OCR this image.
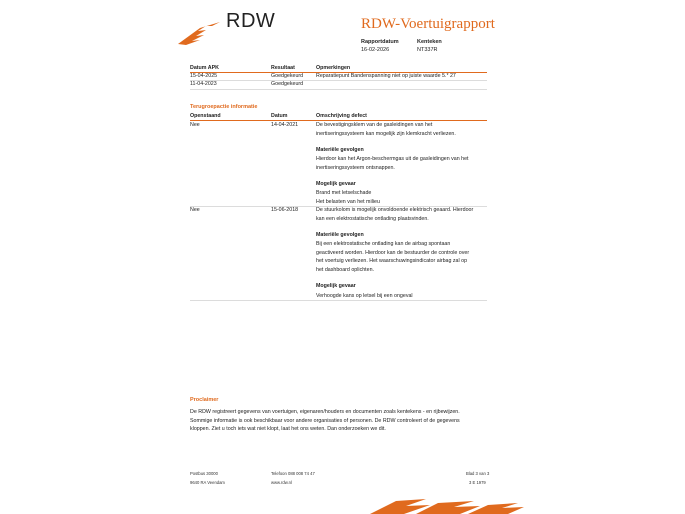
RDW	RDW-Voertuigrapport
Rapportdatum
16-02-2026
Kenteken
NT337R
Datum APK	Resultaat	Opmerkingen
15-04-2025	Goedgekeurd Reparatiepunt Bandenspanning niet op juiste waarde 5.* 27
11-04-2023	Goedgekeurd
Terugroepactie informatie
Openstaand	Datum	Omschrijving defect
Nee	14-04-2021	De bevestigingsklem van de gasleidingen van het
inertiseringssysteem kan mogelijk zijn klemkracht verliezen.
Materiële gevolgen
Hierdoor kan het Argon-beschermgas uit de gasleidingen van het
inertiseringssysteem ontsnappen.
Mogelijk gevaar
Brand met letselschade
Het belasten van het milieu
Nee	15-06-2018	De stuurkolom is mogelijk onvoldoende elektrisch geaard. Hierdoor
kan een elektrostatische ontlading plaatsvinden.
Materiële gevolgen
Bij een elektrostatische ontlading kan de airbag spontaan
geactiveerd worden. Hierdoor kan de bestuurder de controle over
het voertuig verliezen. Het waarschuwingsindicator airbag zal op
het dashboard oplichten.
Mogelijk gevaar
Verhoogde kans op letsel bij een ongeval
Proclaimer
De RDW registreert gegevens van voertuigen, eigenaren/houders en documenten zoals kentekens - en rijbewijzen.
Sommige informatie is ook beschikbaar voor andere organisaties of personen. De RDW controleert of de gegevens
kloppen. Ziet u toch iets wat niet klopt, laat het ons weten. Dan onderzoeken we dit.
Postbus 30000
9640 RA Veendam
Telefoon 088 008 74 47
www.rdw.nl
Blad 3 van 3
3 E 1979
